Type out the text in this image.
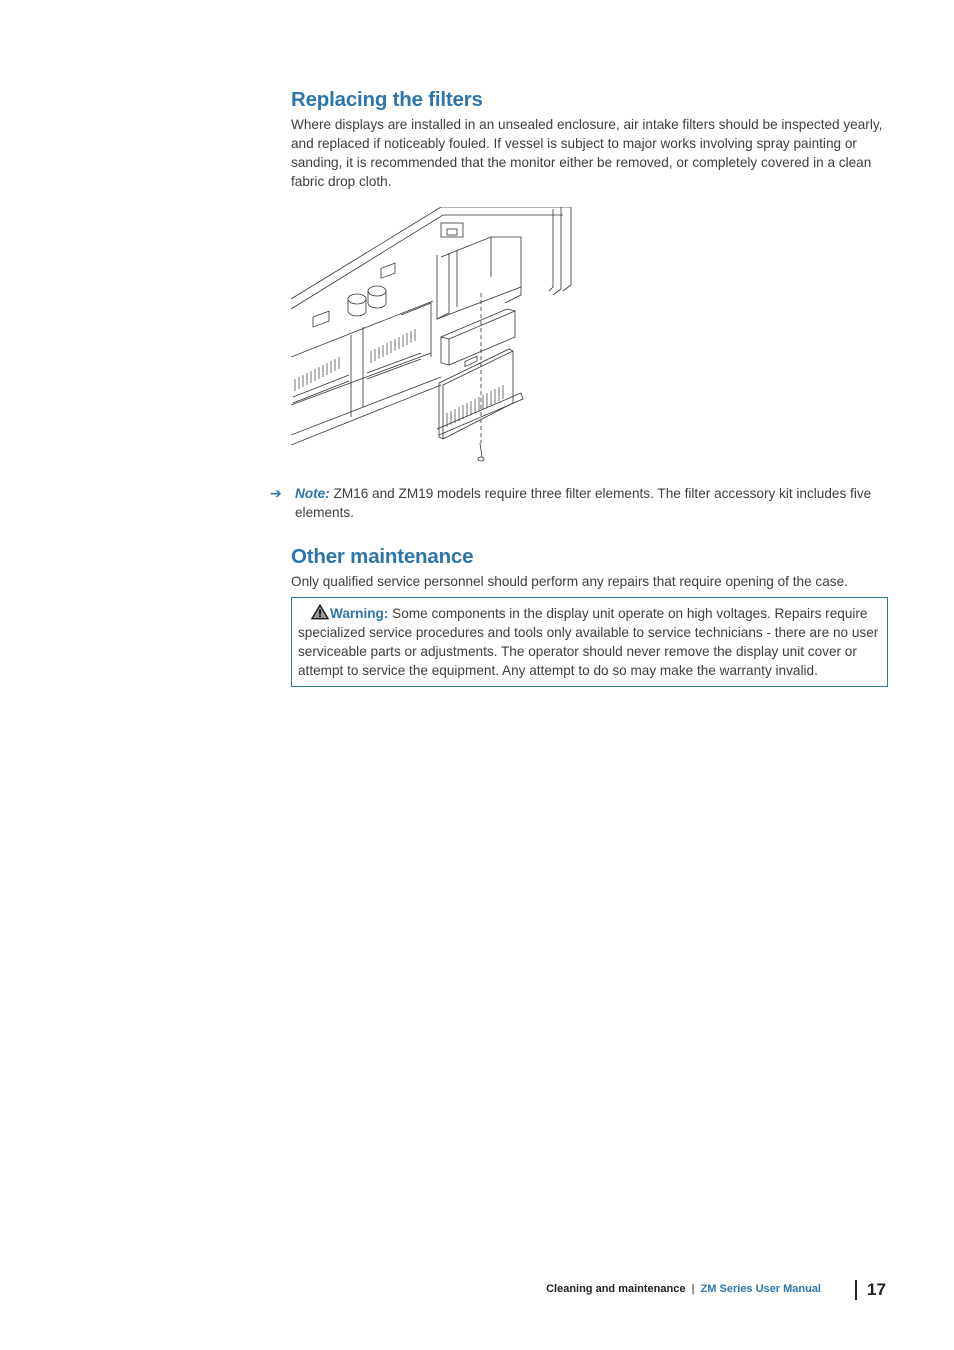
Replacing the filters

Where displays are installed in an unsealed enclosure, air intake filters should be inspected yearly, and replaced if noticeably fouled. If vessel is subject to major works involving spray painting or sanding, it is recommended that the monitor either be removed, or completely covered in a clean fabric drop cloth.

➔ Note: ZM16 and ZM19 models require three filter elements. The filter accessory kit includes five elements.
Other maintenance

Only qualified service personnel should perform any repairs that require opening of the case.

Warning: Some components in the display unit operate on high voltages. Repairs require specialized service procedures and tools only available to service technicians - there are no user serviceable parts or adjustments. The operator should never remove the display unit cover or attempt to service the equipment. Any attempt to do so may make the warranty invalid.
Cleaning and maintenance | ZM Series User Manual	17
